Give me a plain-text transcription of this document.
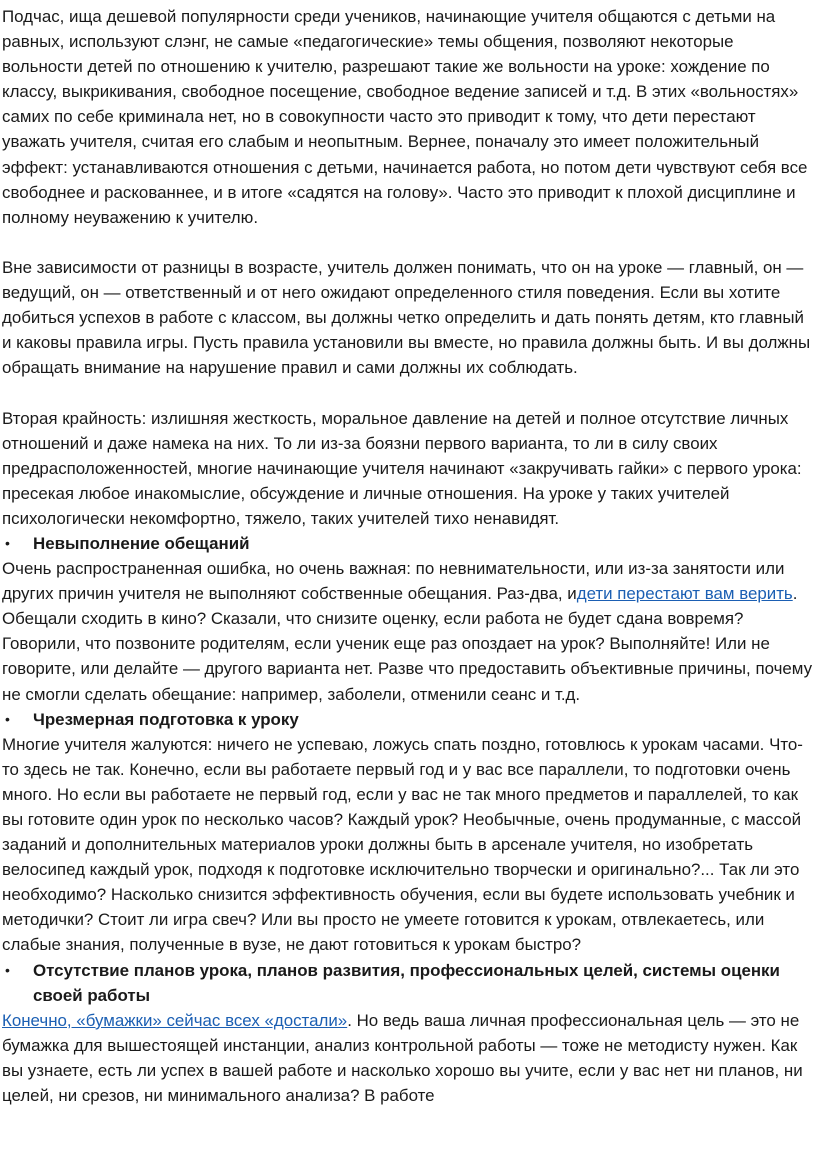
Подчас, ища дешевой популярности среди учеников, начинающие учителя общаются с детьми на равных, используют слэнг, не самые «педагогические» темы общения, позволяют некоторые вольности детей по отношению к учителю, разрешают такие же вольности на уроке: хождение по классу, выкрикивания, свободное посещение, свободное ведение записей и т.д. В этих «вольностях» самих по себе криминала нет, но в совокупности часто это приводит к тому, что дети перестают уважать учителя, считая его слабым и неопытным. Вернее, поначалу это имеет положительный эффект: устанавливаются отношения с детьми, начинается работа, но потом дети чувствуют себя все свободнее и раскованнее, и в итоге «садятся на голову». Часто это приводит к плохой дисциплине и полному неуважению к учителю.

Вне зависимости от разницы в возрасте, учитель должен понимать, что он на уроке — главный, он — ведущий, он — ответственный и от него ожидают определенного стиля поведения. Если вы хотите добиться успехов в работе с классом, вы должны четко определить и дать понять детям, кто главный и каковы правила игры. Пусть правила установили вы вместе, но правила должны быть. И вы должны обращать внимание на нарушение правил и сами должны их соблюдать.

Вторая крайность: излишняя жесткость, моральное давление на детей и полное отсутствие личных отношений и даже намека на них. То ли из-за боязни первого варианта, то ли в силу своих предрасположенностей, многие начинающие учителя начинают «закручивать гайки» с первого урока: пресекая любое инакомыслие, обсуждение и личные отношения. На уроке у таких учителей психологически некомфортно, тяжело, таких учителей тихо ненавидят.

•	Невыполнение обещаний

Очень распространенная ошибка, но очень важная: по невнимательности, или из-за занятости или других причин учителя не выполняют собственные обещания. Раз-два, идети перестают вам верить. Обещали сходить в кино? Сказали, что снизите оценку, если работа не будет сдана вовремя? Говорили, что позвоните родителям, если ученик еще раз опоздает на урок? Выполняйте! Или не говорите, или делайте — другого варианта нет. Разве что предоставить объективные причины, почему не смогли сделать обещание: например, заболели, отменили сеанс и т.д.

•	Чрезмерная подготовка к уроку

Многие учителя жалуются: ничего не успеваю, ложусь спать поздно, готовлюсь к урокам часами. Что-то здесь не так. Конечно, если вы работаете первый год и у вас все параллели, то подготовки очень много. Но если вы работаете не первый год, если у вас не так много предметов и параллелей, то как вы готовите один урок по несколько часов? Каждый урок? Необычные, очень продуманные, с массой заданий и дополнительных материалов уроки должны быть в арсенале учителя, но изобретать велосипед каждый урок, подходя к подготовке исключительно творчески и оригинально?... Так ли это необходимо? Насколько снизится эффективность обучения, если вы будете использовать учебник и методички? Стоит ли игра свеч? Или вы просто не умеете готовится к урокам, отвлекаетесь, или слабые знания, полученные в вузе, не дают готовиться к урокам быстро?

•	Отсутствие планов урока, планов развития, профессиональных целей, системы оценки своей работы

Конечно, «бумажки» сейчас всех «достали». Но ведь ваша личная профессиональная цель — это не бумажка для вышестоящей инстанции, анализ контрольной работы — тоже не методисту нужен. Как вы узнаете, есть ли успех в вашей работе и насколько хорошо вы учите, если у вас нет ни планов, ни целей, ни срезов, ни минимального анализа? В работе
